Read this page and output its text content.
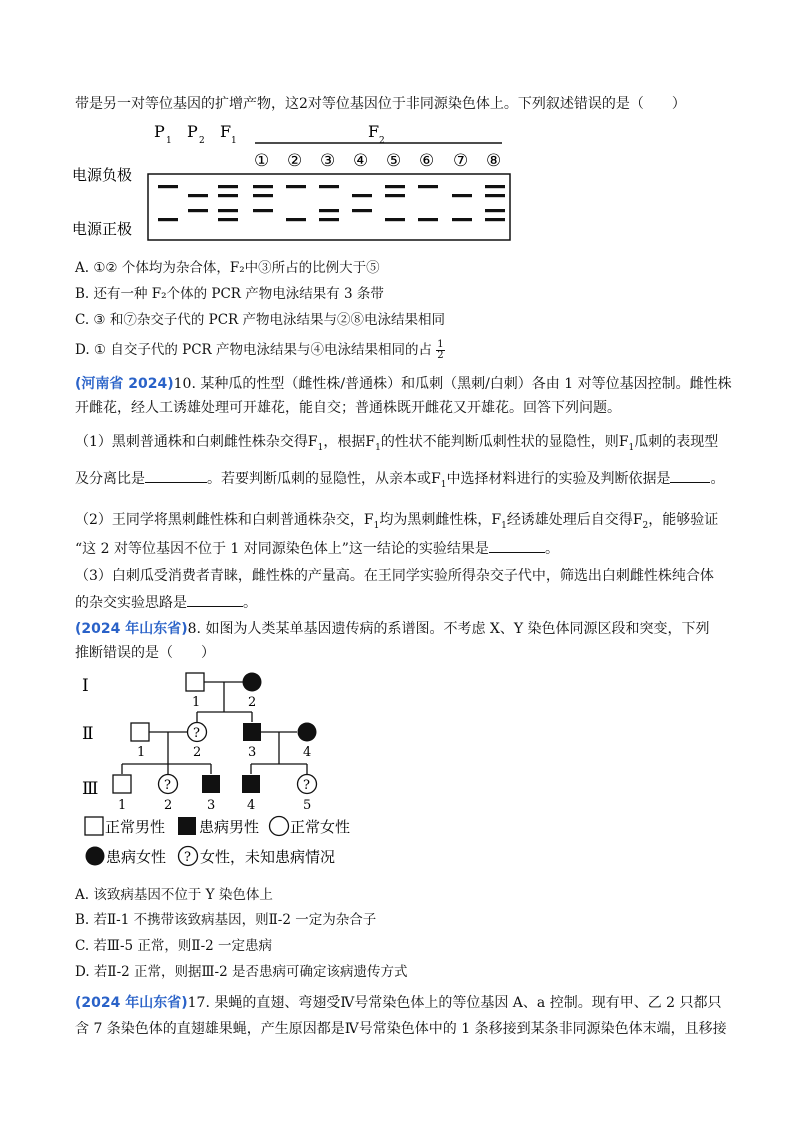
带是另一对等位基因的扩增产物，这2对等位基因位于非同源染色体上。下列叙述错误的是（　　）
P 1 P 2 F 1	F 2
① ② ③ ④ ⑤ ⑥ ⑦ ⑧
电源负极
电源正极
A. ①② 个体均为杂合体，F₂中③所占的比例大于⑤
B. 还有一种 F₂个体的 PCR 产物电泳结果有 3 条带
C. ③ 和⑦杂交子代的 PCR 产物电泳结果与②⑧电泳结果相同
D. ① 自交子代的 PCR 产物电泳结果与④电泳结果相同的占 $\frac{1}{2}$
(河南省 2024)10. 某种瓜的性型（雌性株/普通株）和瓜刺（黑刺/白刺）各由 1 对等位基因控制。雌性株
开雌花，经人工诱雄处理可开雄花，能自交；普通株既开雌花又开雄花。回答下列问题。
（1）黑刺普通株和白刺雌性株杂交得$F_1$，根据$F_1$的性状不能判断瓜刺性状的显隐性，则$F_1$瓜刺的表现型
及分离比是	。若要判断瓜刺的显隐性，从亲本或$F_1$中选择材料进行的实验及判断依据是	。
（2）王同学将黑刺雌性株和白刺普通株杂交，$F_1$均为黑刺雌性株，$F_1$经诱雄处理后自交得$F_2$，能够验证
“这 2 对等位基因不位于 1 对同源染色体上”这一结论的实验结果是	。
（3）白刺瓜受消费者青睐，雌性株的产量高。在王同学实验所得杂交子代中，筛选出白刺雌性株纯合体
的杂交实验思路是	。
(2024 年山东省)8. 如图为人类某单基因遗传病的系谱图。不考虑 X、Y 染色体同源区段和突变，下列
推断错误的是（　　）
Ⅰ
Ⅱ
Ⅲ
1	2
?
1	2	3	4
?	?
1	2	3 4	5
正常男性 患病男性 正常女性
患病女性 ? 女性，未知患病情况
A. 该致病基因不位于 Y 染色体上
B. 若Ⅱ-1 不携带该致病基因，则Ⅱ-2 一定为杂合子
C. 若Ⅲ-5 正常，则Ⅱ-2 一定患病
D. 若Ⅱ-2 正常，则据Ⅲ-2 是否患病可确定该病遗传方式
(2024 年山东省)17. 果蝇的直翅、弯翅受Ⅳ号常染色体上的等位基因 A、a 控制。现有甲、乙 2 只都只
含 7 条染色体的直翅雄果蝇，产生原因都是Ⅳ号常染色体中的 1 条移接到某条非同源染色体末端，且移接
